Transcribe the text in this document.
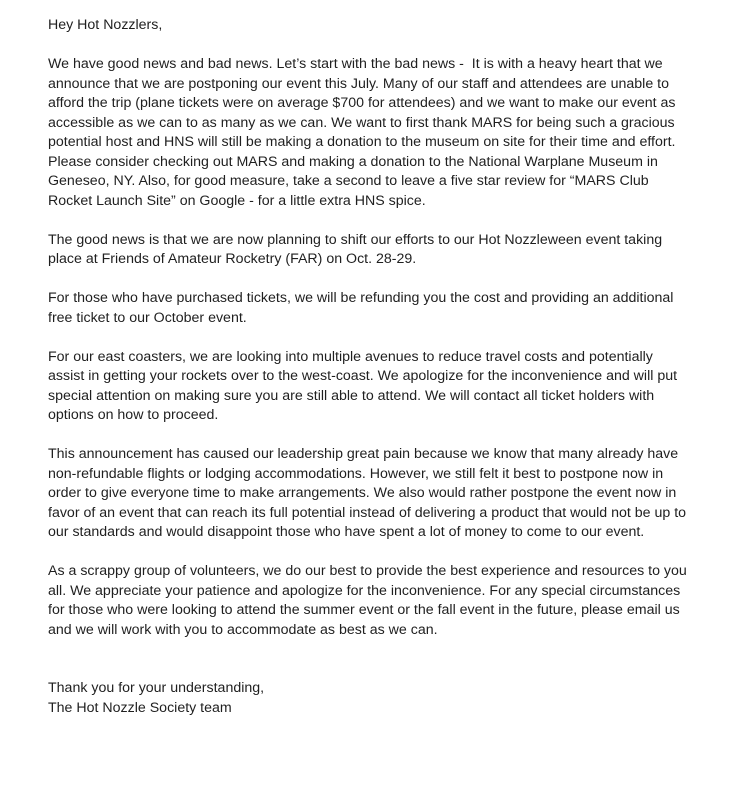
Hey Hot Nozzlers,

We have good news and bad news. Let’s start with the bad news -  It is with a heavy heart that we announce that we are postponing our event this July. Many of our staff and attendees are unable to afford the trip (plane tickets were on average $700 for attendees) and we want to make our event as accessible as we can to as many as we can. We want to first thank MARS for being such a gracious potential host and HNS will still be making a donation to the museum on site for their time and effort. Please consider checking out MARS and making a donation to the National Warplane Museum in Geneseo, NY. Also, for good measure, take a second to leave a five star review for “MARS Club Rocket Launch Site” on Google - for a little extra HNS spice.

The good news is that we are now planning to shift our efforts to our Hot Nozzleween event taking place at Friends of Amateur Rocketry (FAR) on Oct. 28-29.

For those who have purchased tickets, we will be refunding you the cost and providing an additional free ticket to our October event.

For our east coasters, we are looking into multiple avenues to reduce travel costs and potentially assist in getting your rockets over to the west-coast. We apologize for the inconvenience and will put special attention on making sure you are still able to attend. We will contact all ticket holders with options on how to proceed.

This announcement has caused our leadership great pain because we know that many already have non-refundable flights or lodging accommodations. However, we still felt it best to postpone now in order to give everyone time to make arrangements. We also would rather postpone the event now in favor of an event that can reach its full potential instead of delivering a product that would not be up to our standards and would disappoint those who have spent a lot of money to come to our event.

As a scrappy group of volunteers, we do our best to provide the best experience and resources to you all. We appreciate your patience and apologize for the inconvenience. For any special circumstances for those who were looking to attend the summer event or the fall event in the future, please email us and we will work with you to accommodate as best as we can.

Thank you for your understanding,
The Hot Nozzle Society team
